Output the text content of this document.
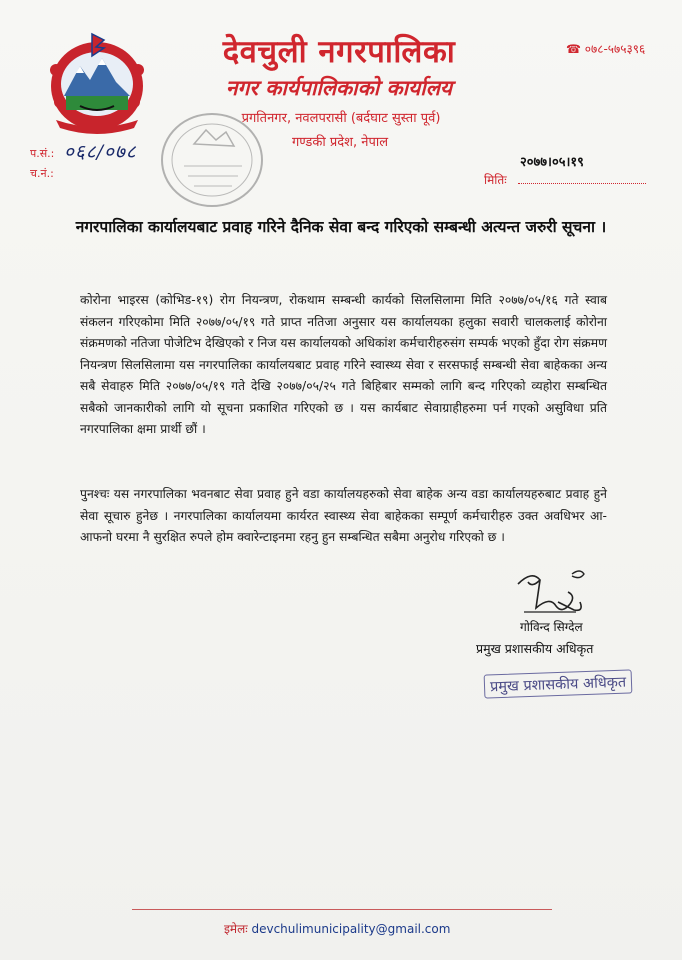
देवचुली नगरपालिका
नगर कार्यपालिकाको कार्यालय
प्रगतिनगर, नवलपरासी (बर्दघाट सुस्ता पूर्व)
गण्डकी प्रदेश, नेपाल
☎ ०७८-५७५३९६
प.सं.: ०६८/०७८
च.नं.:
२०७७।०५।१९
मितिः
नगरपालिका कार्यालयबाट प्रवाह गरिने दैनिक सेवा बन्द गरिएको सम्बन्धी अत्यन्त जरुरी सूचना ।
कोरोना भाइरस (कोभिड-१९) रोग नियन्त्रण, रोकथाम सम्बन्धी कार्यको सिलसिलामा मिति २०७७/०५/१६ गते स्वाब संकलन गरिएकोमा मिति २०७७/०५/१९ गते प्राप्त नतिजा अनुसार यस कार्यालयका हलुका सवारी चालकलाई कोरोना संक्रमणको नतिजा पोजेटिभ देखिएको र निज यस कार्यालयको अधिकांश कर्मचारीहरुसंग सम्पर्क भएको हुँदा रोग संक्रमण नियन्त्रण सिलसिलामा यस नगरपालिका कार्यालयबाट प्रवाह गरिने स्वास्थ्य सेवा र सरसफाई सम्बन्धी सेवा बाहेकका अन्य सबै सेवाहरु मिति २०७७/०५/१९ गते देखि २०७७/०५/२५ गते बिहिबार सम्मको लागि बन्द गरिएको व्यहोरा सम्बन्धित सबैको जानकारीको लागि यो सूचना प्रकाशित गरिएको छ । यस कार्यबाट सेवाग्राहीहरुमा पर्न गएको असुविधा प्रति नगरपालिका क्षमा प्रार्थी छौं ।
पुनश्चः यस नगरपालिका भवनबाट सेवा प्रवाह हुने वडा कार्यालयहरुको सेवा बाहेक अन्य वडा कार्यालयहरुबाट प्रवाह हुने सेवा सूचारु हुनेछ । नगरपालिका कार्यालयमा कार्यरत स्वास्थ्य सेवा बाहेकका सम्पूर्ण कर्मचारीहरु उक्त अवधिभर आ-आफनो घरमा नै सुरक्षित रुपले होम क्वारेन्टाइनमा रहनु हुन सम्बन्धित सबैमा अनुरोध गरिएको छ ।
गोविन्द सिग्देल
प्रमुख प्रशासकीय अधिकृत
प्रमुख प्रशासकीय अधिकृत
इमेलः devchulimunicipality@gmail.com
